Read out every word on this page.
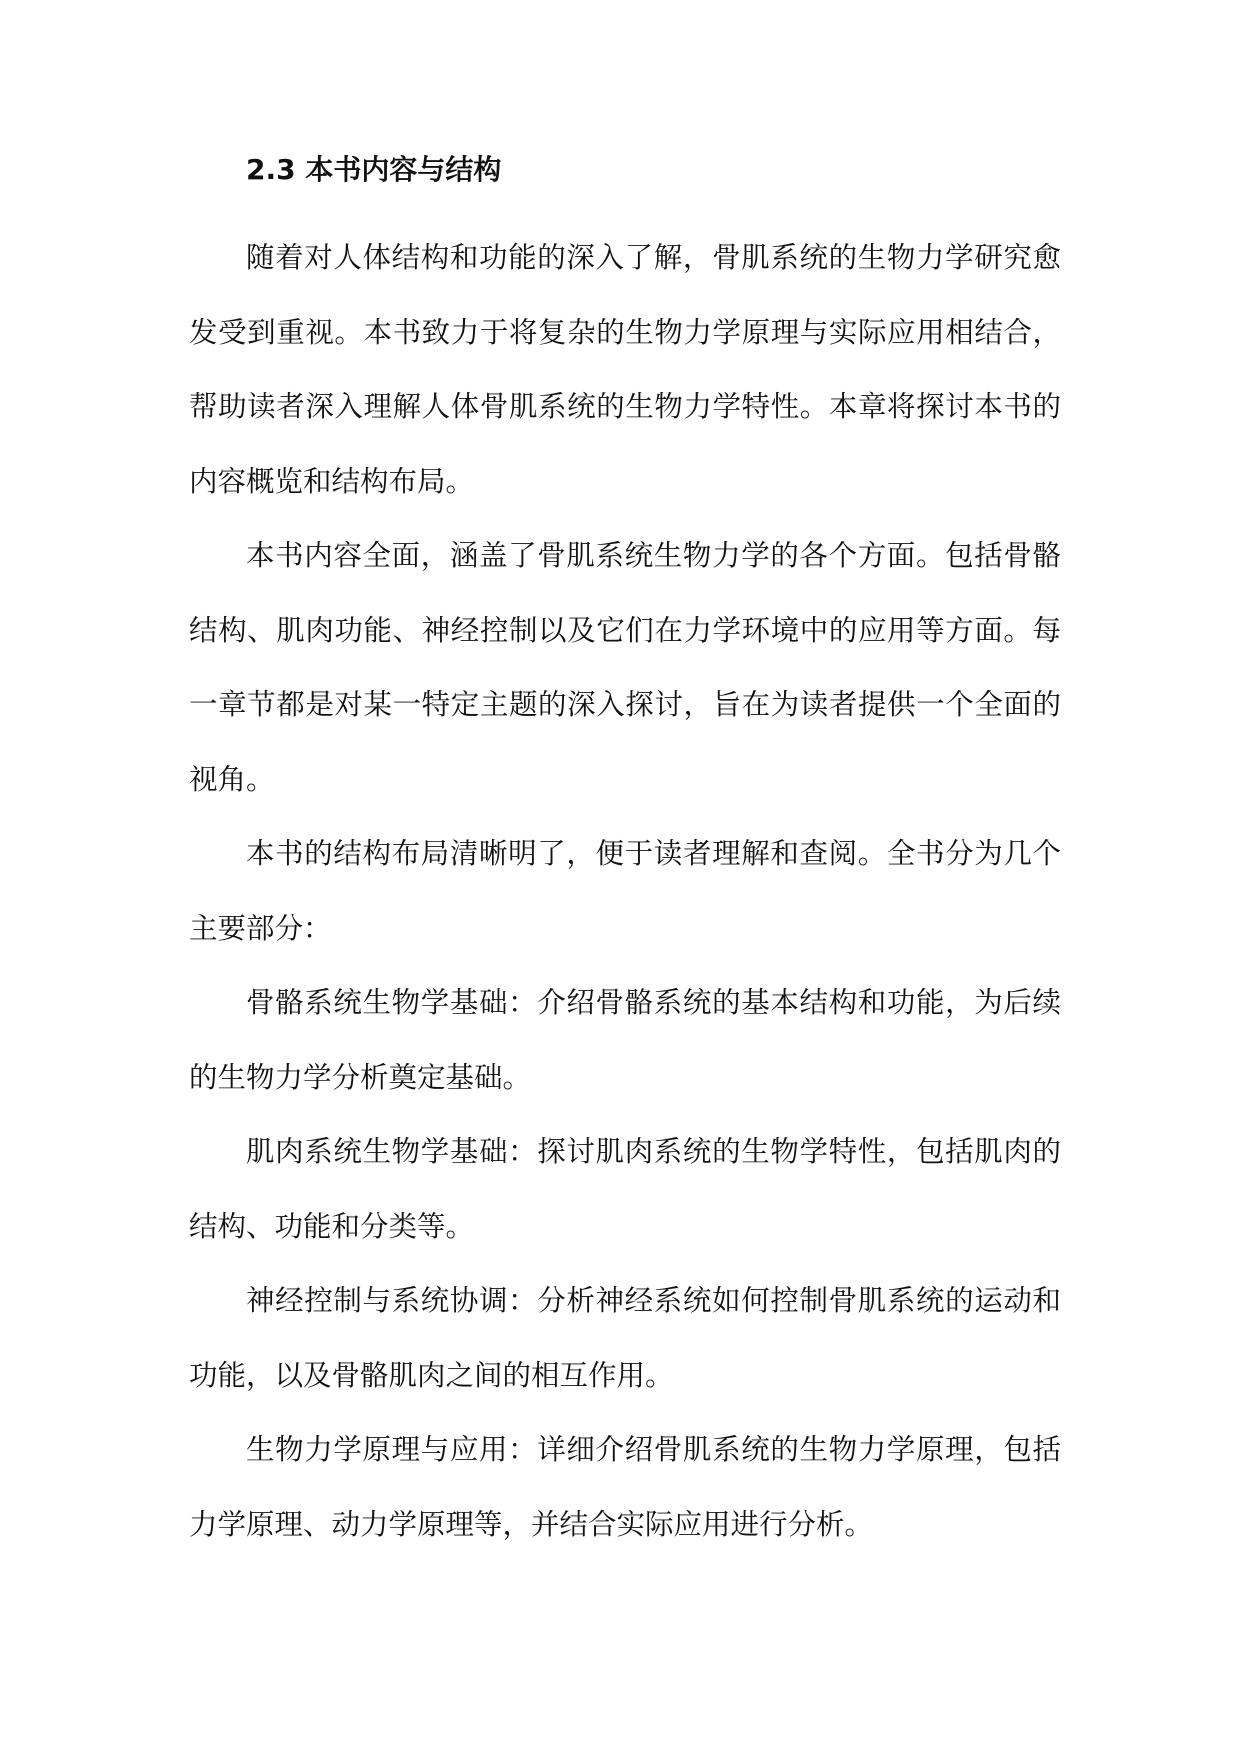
2.3 本书内容与结构

随着对人体结构和功能的深入了解，骨肌系统的生物力学研究愈发受到重视。本书致力于将复杂的生物力学原理与实际应用相结合，帮助读者深入理解人体骨肌系统的生物力学特性。本章将探讨本书的内容概览和结构布局。

本书内容全面，涵盖了骨肌系统生物力学的各个方面。包括骨骼结构、肌肉功能、神经控制以及它们在力学环境中的应用等方面。每一章节都是对某一特定主题的深入探讨，旨在为读者提供一个全面的视角。

本书的结构布局清晰明了，便于读者理解和查阅。全书分为几个主要部分：

骨骼系统生物学基础：介绍骨骼系统的基本结构和功能，为后续的生物力学分析奠定基础。

肌肉系统生物学基础：探讨肌肉系统的生物学特性，包括肌肉的结构、功能和分类等。

神经控制与系统协调：分析神经系统如何控制骨肌系统的运动和功能，以及骨骼肌肉之间的相互作用。

生物力学原理与应用：详细介绍骨肌系统的生物力学原理，包括力学原理、动力学原理等，并结合实际应用进行分析。
